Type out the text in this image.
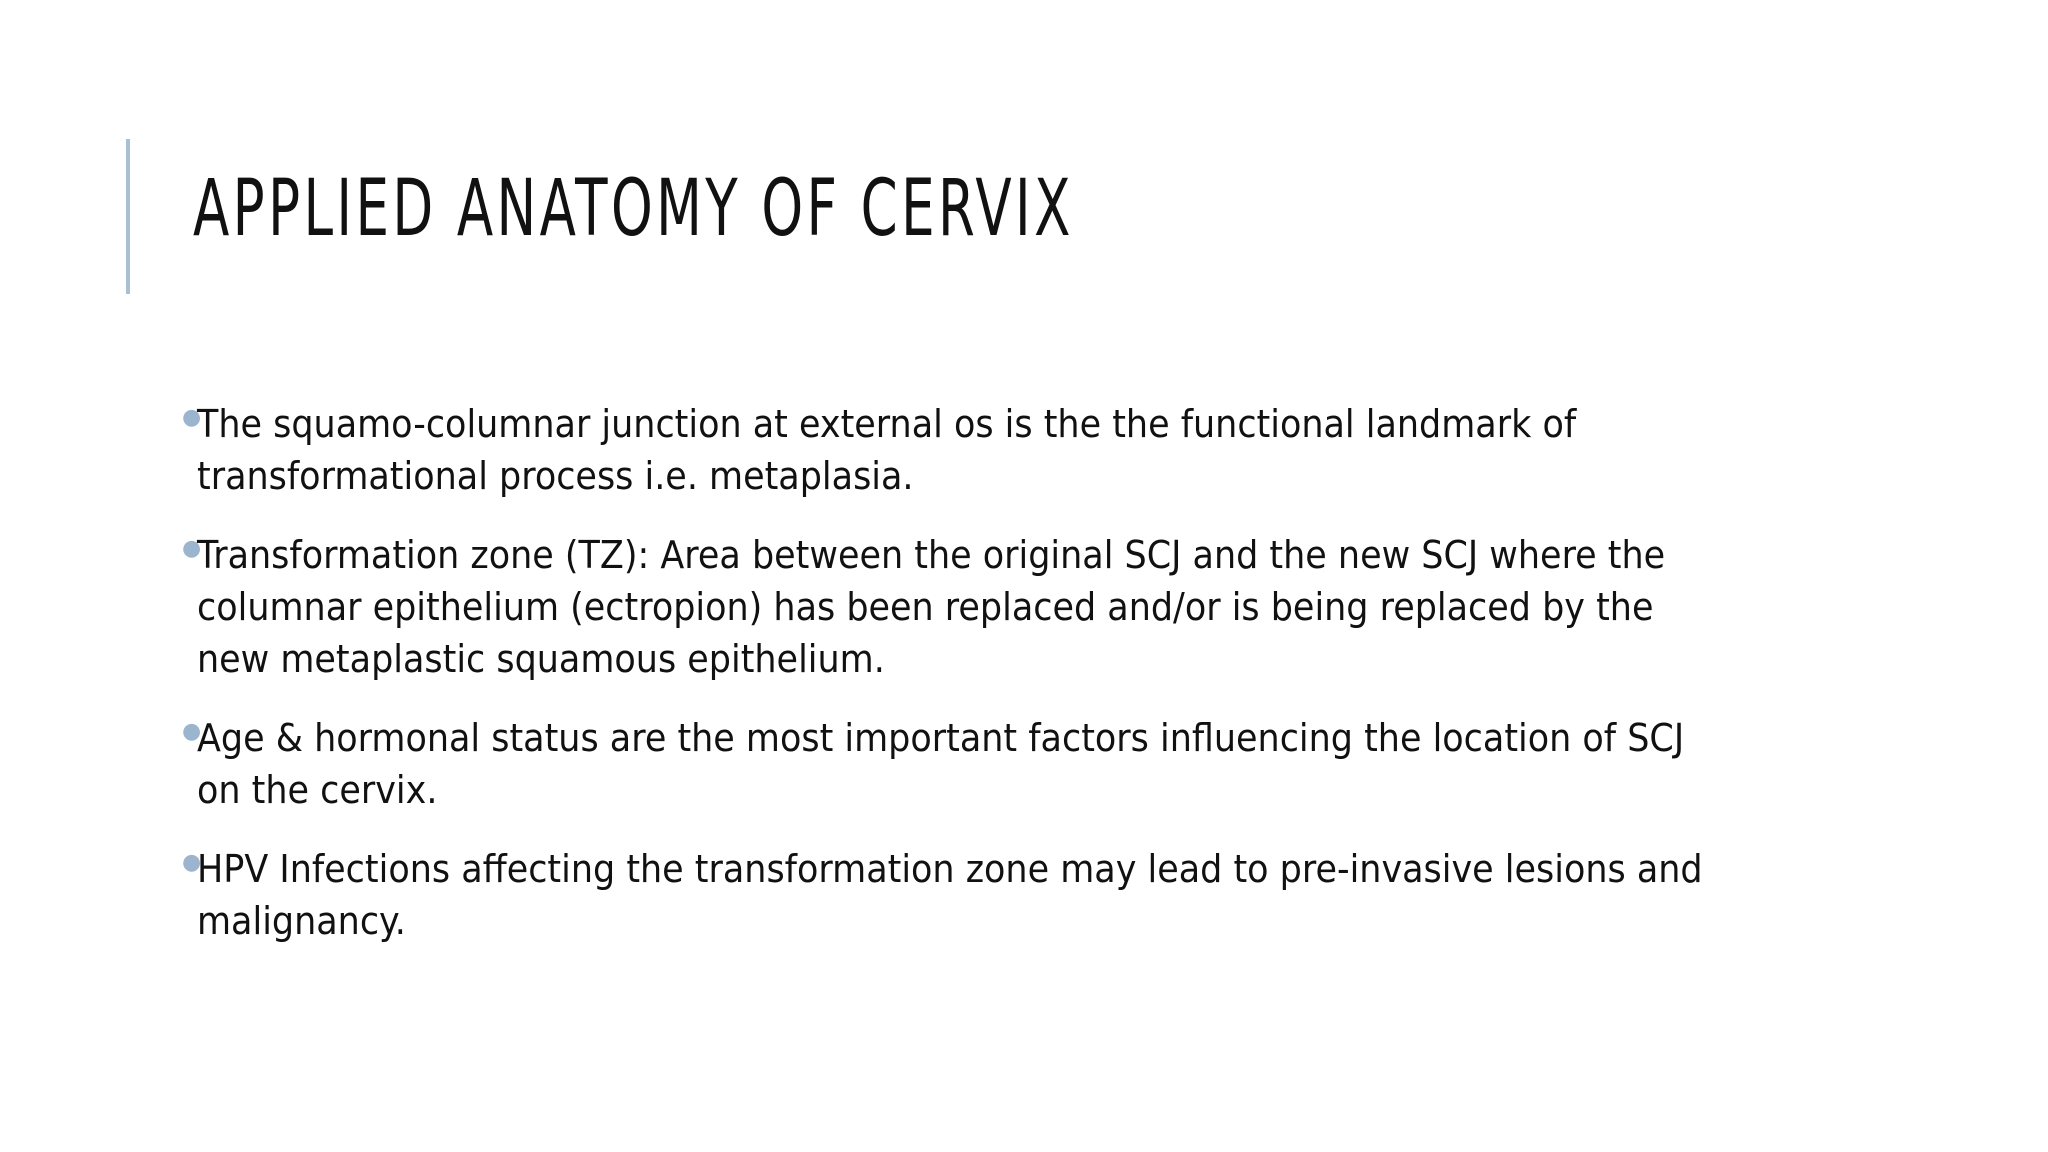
APPLIED ANATOMY OF CERVIX
●
The squamo-columnar junction at external os is the the functional landmark of
transformational process i.e. metaplasia.
●
Transformation zone (TZ): Area between the original SCJ and the new SCJ where the
columnar epithelium (ectropion) has been replaced and/or is being replaced by the
new metaplastic squamous epithelium.
●
Age & hormonal status are the most important factors influencing the location of SCJ
on the cervix.
●
HPV Infections affecting the transformation zone may lead to pre-invasive lesions and
malignancy.
